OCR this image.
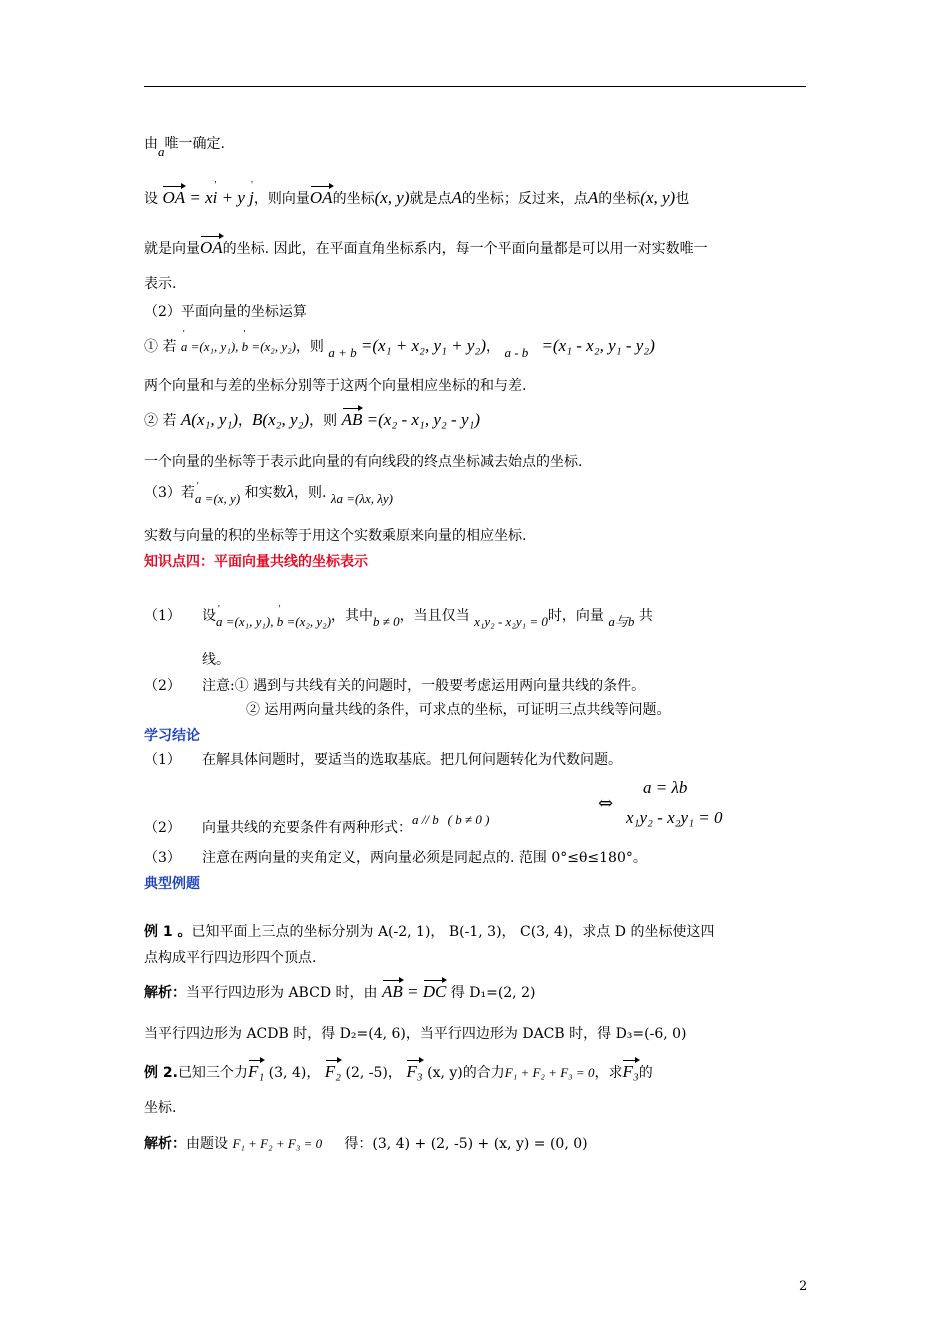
由a唯一确定.
设 OA = x' i + y ' j，则向量OA的坐标(x, y)就是点A的坐标；反过来，点A的坐标(x, y)也
就是向量OA的坐标. 因此，在平面直角坐标系内，每一个平面向量都是可以用一对实数唯一
表示.
（2）平面向量的坐标运算
① 若 ' a =(x₁, y₁), ' b =(x₂, y₂)，则 a + b =(x₁ + x₂, y₁ + y₂)， a - b   =(x₁ - x₂, y₁ - y₂)
两个向量和与差的坐标分别等于这两个向量相应坐标的和与差.
② 若 A(x₁, y₁)，B(x₂, y₂)，则 AB =(x₂ - x₁, y₂ - y₁)
一个向量的坐标等于表示此向量的有向线段的终点坐标减去始点的坐标.
（3）若' a =(x, y) 和实数λ，则. λa =(λx, λy)
实数与向量的积的坐标等于用这个实数乘原来向量的相应坐标.
知识点四：平面向量共线的坐标表示
（1） 设' a =(x₁, y₁), ' b =(x₂, y₂)，其中b ≠ 0，当且仅当 x₁y₂ - x₂y₁ = 0时，向量 a与b 共
线。
（2） 注意:① 遇到与共线有关的问题时，一般要考虑运用两向量共线的条件。
② 运用两向量共线的条件，可求点的坐标，可证明三点共线等问题。
学习结论
（1） 在解具体问题时，要适当的选取基底。把几何问题转化为代数问题。
（2） 向量共线的充要条件有两种形式：a // b ( b ≠ 0 )
⇔
a = λb
x₁y₂ - x₂y₁ = 0
（3） 注意在两向量的夹角定义，两向量必须是同起点的. 范围 0°≤θ≤180°。
典型例题
例 1 。已知平面上三点的坐标分别为 A(-2, 1)， B(-1, 3)， C(3, 4)，求点 D 的坐标使这四
点构成平行四边形四个顶点.
解析：当平行四边形为 ABCD 时，由 AB = DC 得 D₁=(2, 2)
当平行四边形为 ACDB 时，得 D₂=(4, 6)，当平行四边形为 DACB 时，得 D₃=(-6, 0)
例 2.已知三个力F₁ (3, 4)， F₂ (2, -5)， F₃ (x, y)的合力F₁ + F₂ + F₃ = 0，求F₃的
坐标.
解析：由题设 F₁ + F₂ + F₃ = 0 得：(3, 4) + (2, -5) + (x, y) = (0, 0)
2
